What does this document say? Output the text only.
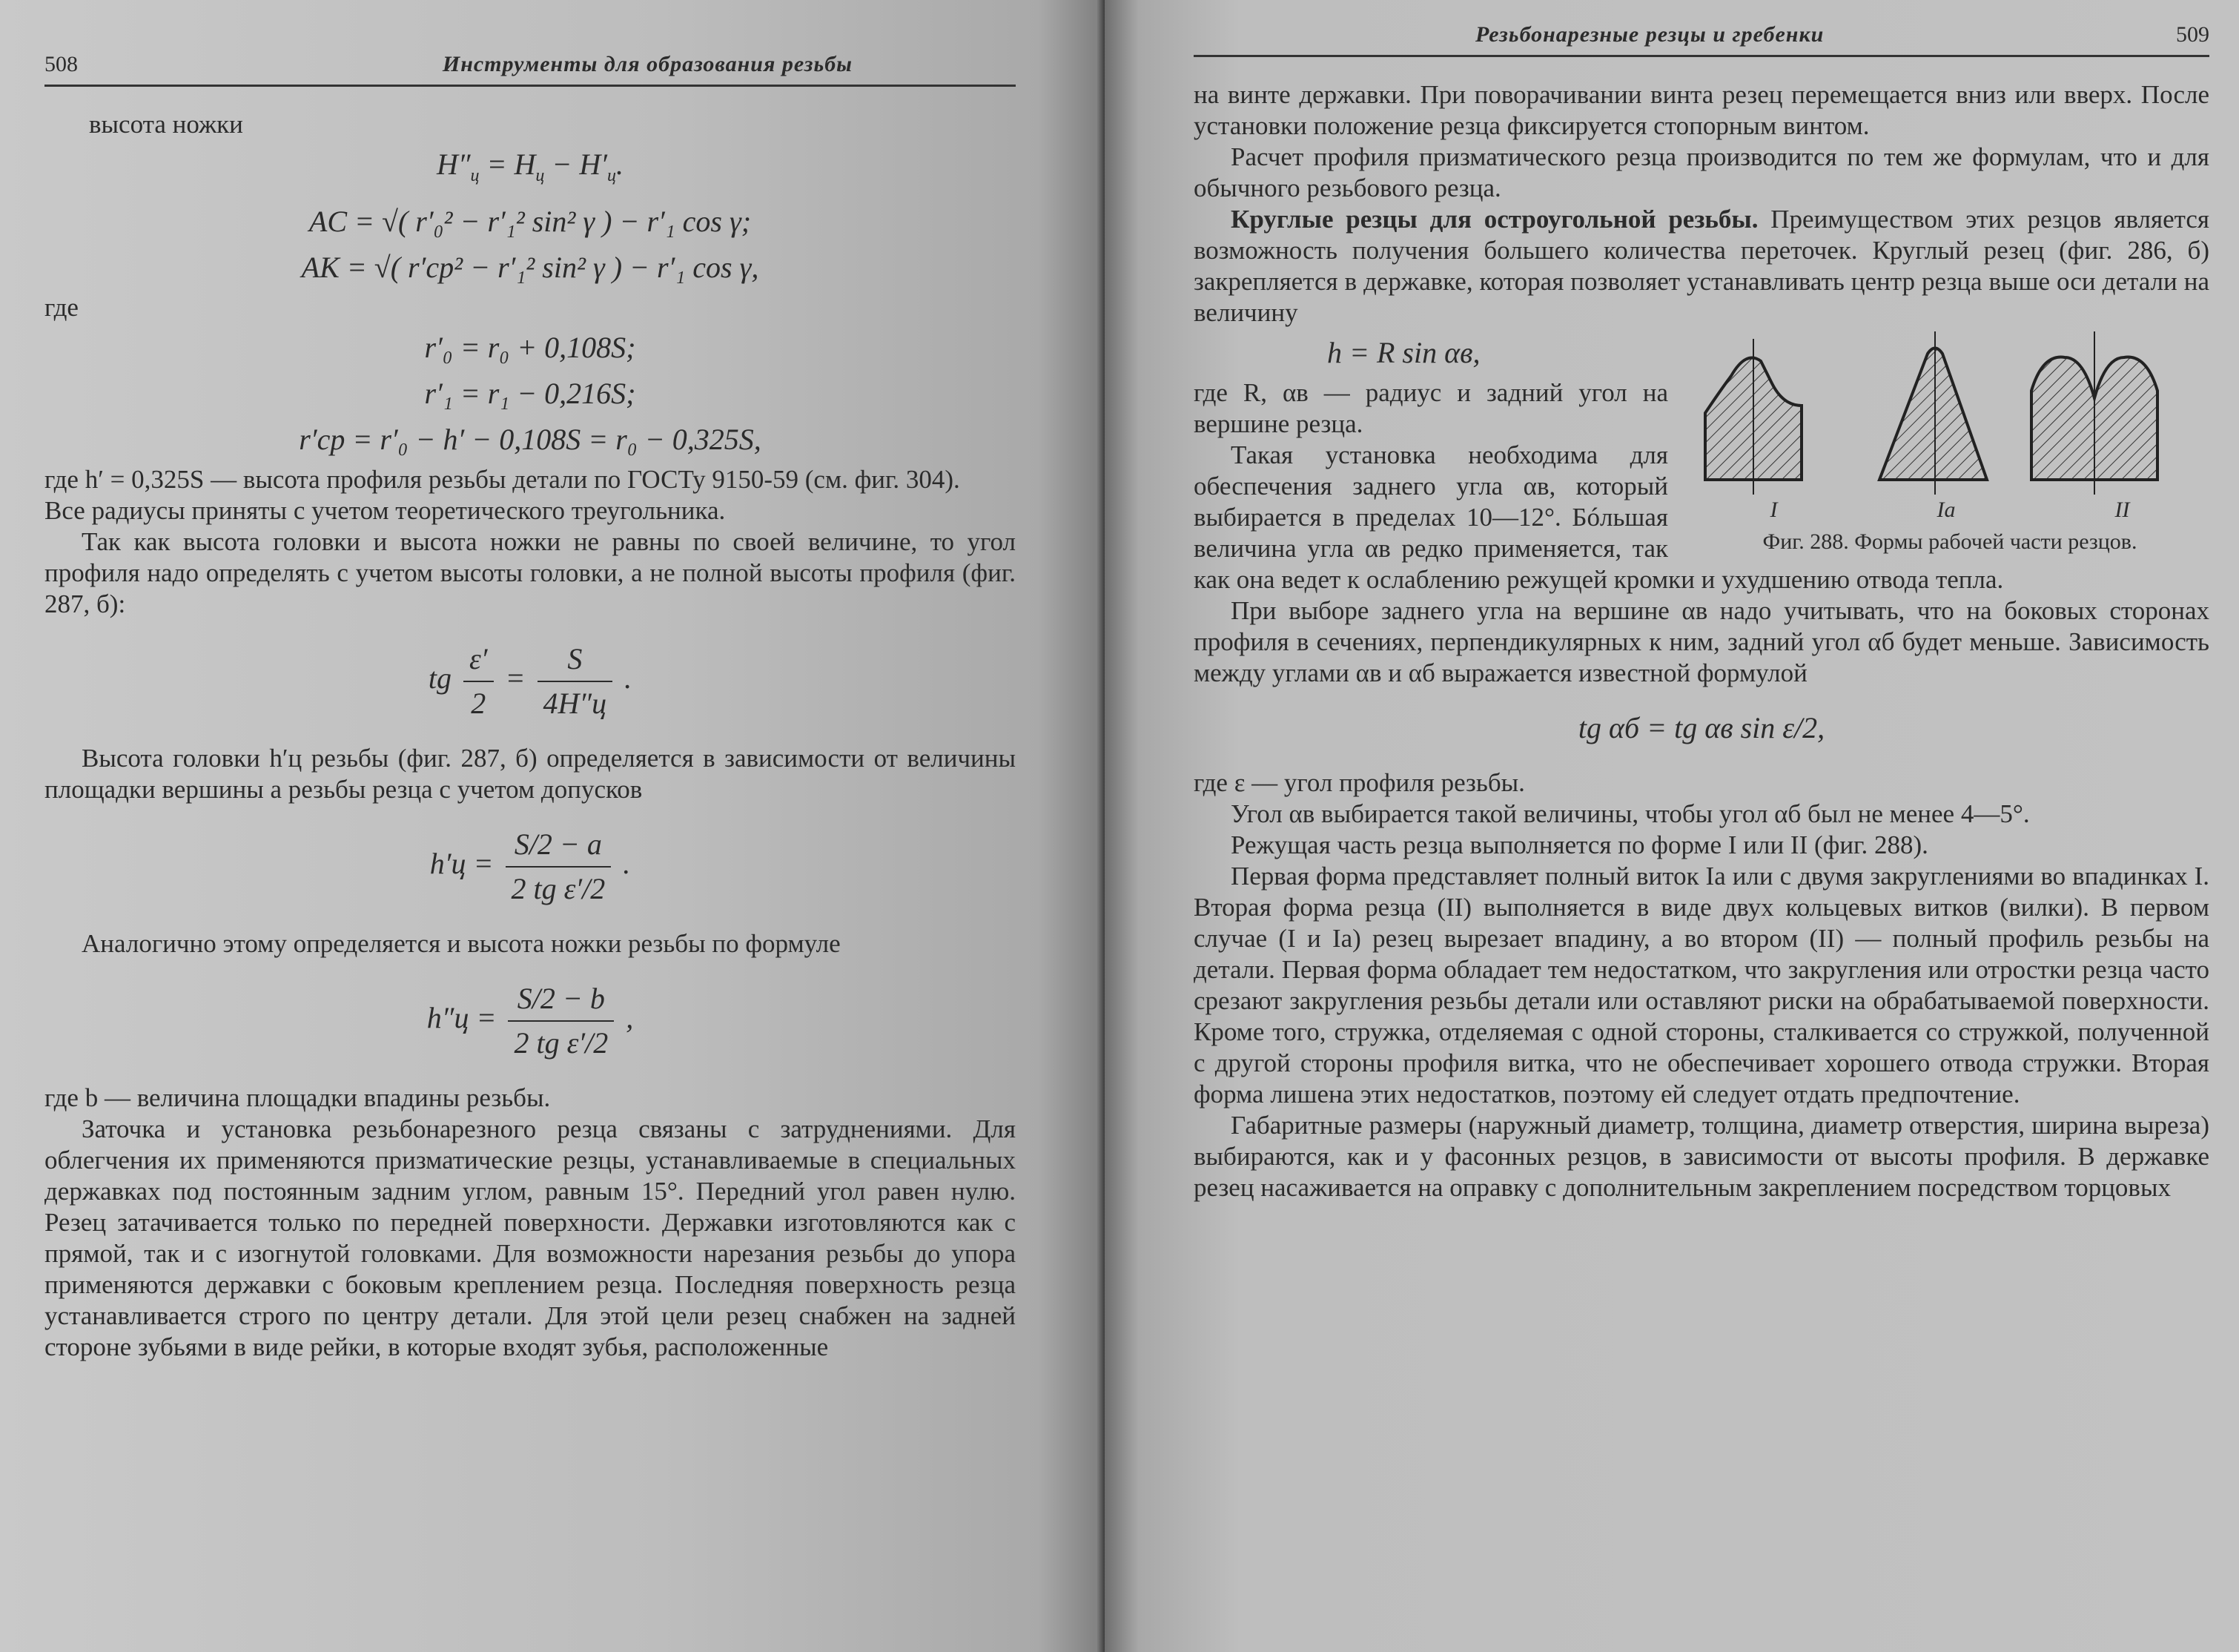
508	Инструменты для образования резьбы

высота ножки

$H''_ц = H_ц - H'_ц$.
AC = √( r′₀² − r′₁² sin² γ ) − r′₁ cos γ;
AK = √( r′ср² − r′₁² sin² γ ) − r′₁ cos γ,

где

r′₀ = r₀ + 0,108S;
r′₁ = r₁ − 0,216S;
r′ср = r′₀ − h′ − 0,108S = r₀ − 0,325S,

где h′ = 0,325S — высота профиля резьбы детали по ГОСТу 9150-59 (см. фиг. 304).

Все радиусы приняты с учетом теоретического треугольника.

Так как высота головки и высота ножки не равны по своей величине, то угол профиля надо определять с учетом высоты головки, а не полной высоты профиля (фиг. 287, б):

tg $\frac{\varepsilon'}{2} = \frac{S}{4H''ц}$ .

Высота головки h′ц резьбы (фиг. 287, б) определяется в зависимости от величины площадки вершины a резьбы резца с учетом допусков

$h'ц = \frac{S/2 - a}{\text{2 tg ε′/2}}$ .

Аналогично этому определяется и высота ножки резьбы по формуле

$h''ц = \frac{S/2 - b}{\text{2 tg ε′/2}}$ ,

где b — величина площадки впадины резьбы.

Заточка и установка резьбонарезного резца связаны с затруднениями. Для облегчения их применяются призматические резцы, устанавливаемые в специальных державках под постоянным задним углом, равным 15°. Передний угол равен нулю. Резец затачивается только по передней поверхности. Державки изготовляются как с прямой, так и с изогнутой головками. Для возможности нарезания резьбы до упора применяются державки с боковым креплением резца. Последняя поверхность резца устанавливается строго по центру детали. Для этой цели резец снабжен на задней стороне зубьями в виде рейки, в которые входят зубья, расположенные

Резьбонарезные резцы и гребенки	509

на винте державки. При поворачивании винта резец перемещается вниз или вверх. После установки положение резца фиксируется стопорным винтом.

Расчет профиля призматического резца производится по тем же формулам, что и для обычного резьбового резца.

Круглые резцы для остроугольной резьбы. Преимуществом этих резцов является возможность получения большего количества переточек. Круглый резец (фиг. 286, б) закрепляется в державке, которая позволяет устанавливать центр резца выше оси детали на величину

I	Ia	II
Фиг. 288. Формы рабочей части резцов.
h = R sin αв,

где R, αв — радиус и задний угол на вершине резца.

Такая установка необходима для обеспечения заднего угла αв, который выбирается в пределах 10—12°. Бóльшая величина угла αв редко применяется, так как она ведет к ослаблению режущей кромки и ухудшению отвода тепла.

При выборе заднего угла на вершине αв надо учитывать, что на боковых сторонах профиля в сечениях, перпендикулярных к ним, задний угол αб будет меньше. Зависимость между углами αв и αб выражается известной формулой

tg αб = tg αв sin ε/2,

где ε — угол профиля резьбы.

Угол αв выбирается такой величины, чтобы угол αб был не менее 4—5°.

Режущая часть резца выполняется по форме I или II (фиг. 288).

Первая форма представляет полный виток Ia или с двумя закруглениями во впадинках I. Вторая форма резца (II) выполняется в виде двух кольцевых витков (вилки). В первом случае (I и Ia) резец вырезает впадину, а во втором (II) — полный профиль резьбы на детали. Первая форма обладает тем недостатком, что закругления или отростки резца часто срезают закругления резьбы детали или оставляют риски на обрабатываемой поверхности. Кроме того, стружка, отделяемая с одной стороны, сталкивается со стружкой, полученной с другой стороны профиля витка, что не обеспечивает хорошего отвода стружки. Вторая форма лишена этих недостатков, поэтому ей следует отдать предпочтение.

Габаритные размеры (наружный диаметр, толщина, диаметр отверстия, ширина выреза) выбираются, как и у фасонных резцов, в зависимости от высоты профиля. В державке резец насаживается на оправку с дополнительным закреплением посредством торцовых
